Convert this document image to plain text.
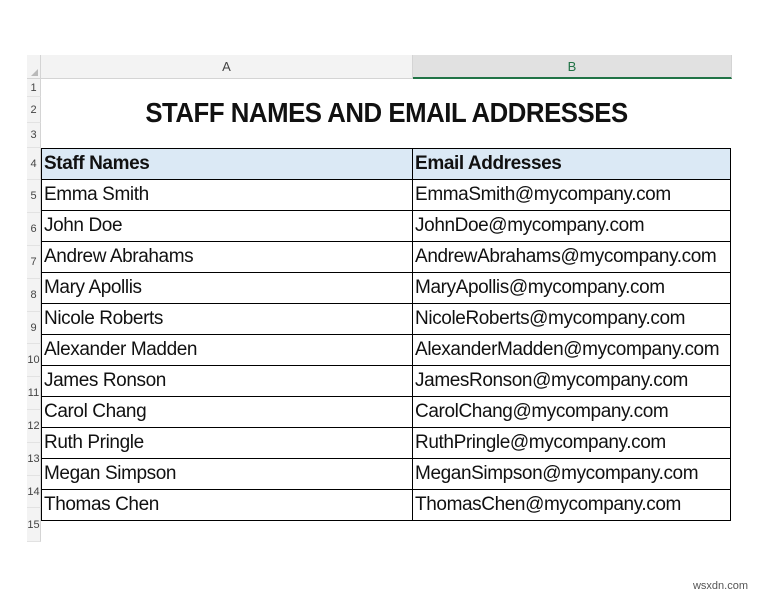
A	B
1
2
3
4
5
6
7
8
9
10
11
12
13
14
15
STAFF NAMES AND EMAIL ADDRESSES
Staff Names	Email Addresses
Emma Smith	EmmaSmith@mycompany.com
John Doe	JohnDoe@mycompany.com
Andrew Abrahams	AndrewAbrahams@mycompany.com
Mary Apollis	MaryApollis@mycompany.com
Nicole Roberts	NicoleRoberts@mycompany.com
Alexander Madden	AlexanderMadden@mycompany.com
James Ronson	JamesRonson@mycompany.com
Carol Chang	CarolChang@mycompany.com
Ruth Pringle	RuthPringle@mycompany.com
Megan Simpson	MeganSimpson@mycompany.com
Thomas Chen	ThomasChen@mycompany.com
wsxdn.com
